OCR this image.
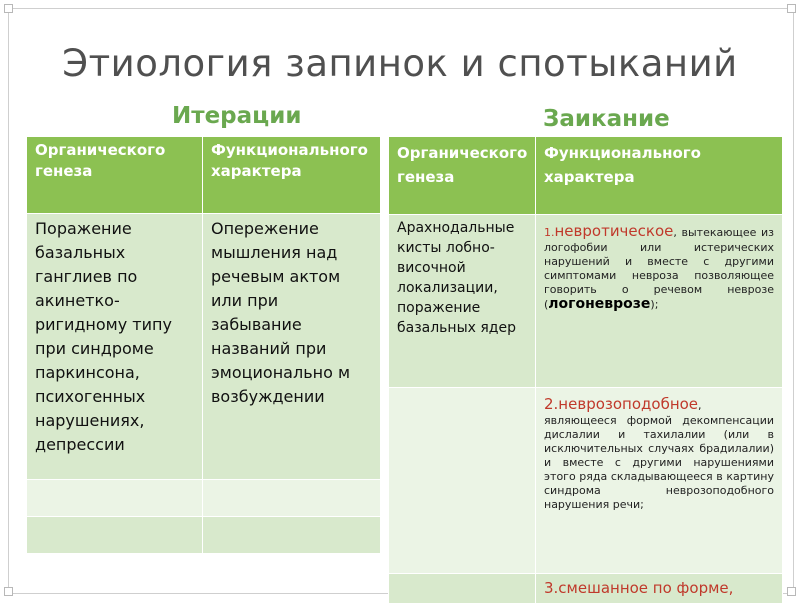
Этиология запинок и спотыканий
Итерации	Заикание
Органического генеза	Функционального характера
Поражение базальных ганглиев по акинетко-ригидному типу при синдроме паркинсона, психогенных нарушениях, депрессии	Опережение мышления над речевым актом или при забывание названий при эмоционально м возбуждении

Органического генеза	Функционального характера
Арахнодальные кисты лобно-височной локализации, поражение базальных ядер	1.невротическое, вытекающее из логофобии или истерических нарушений и вместе с другими симптомами невроза позволяющее говорить о речевом неврозе (логоневрозе);
	2.неврозоподобное, являющееся формой декомпенсации дислалии и тахилалии (или в исключительных случаях брадилалии) и вместе с другими нарушениями этого ряда складывающееся в картину синдрома неврозоподобного нарушения речи;
	3.смешанное по форме,
